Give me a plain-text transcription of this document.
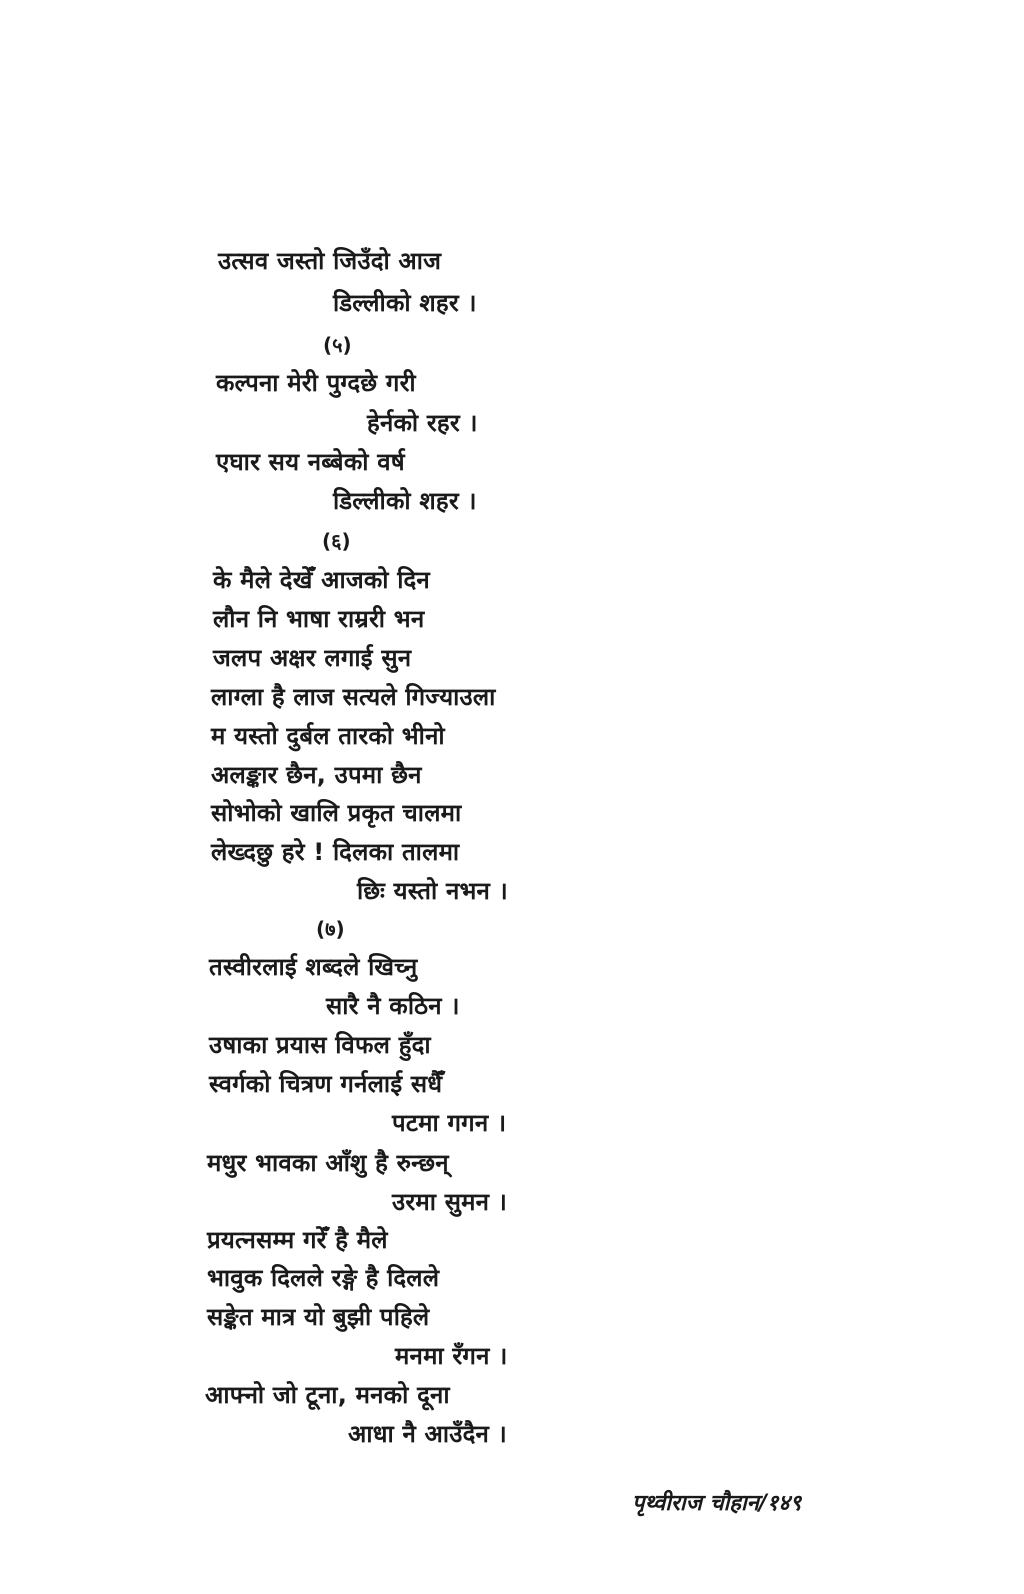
उत्सव जस्तो जिउँदो आज
डिल्लीको शहर ।
(५)
कल्पना मेरी पुग्दछे गरी
हेर्नको रहर ।
एघार सय नब्बेको वर्ष
डिल्लीको शहर ।
(६)
के मैले देखेँ आजको दिन
लौन नि भाषा राम्ररी भन
जलप अक्षर लगाई सुन
लाग्ला है लाज सत्यले गिज्याउला
म यस्तो दुर्बल तारको भीनो
अलङ्कार छैन, उपमा छैन
सोभोको खालि प्रकृत चालमा
लेख्दछु हरे ! दिलका तालमा
छिः यस्तो नभन ।
(७)
तस्वीरलाई शब्दले खिच्नु
सारै नै कठिन ।
उषाका प्रयास विफल हुँदा
स्वर्गको चित्रण गर्नलाई सधैँ
पटमा गगन ।
मधुर भावका आँशु है रुन्छन्
उरमा सुमन ।
प्रयत्नसम्म गरेँ है मैले
भावुक दिलले रङ्गे है दिलले
सङ्केत मात्र यो बुझी पहिले
मनमा रँगन ।
आफ्नो जो टूना, मनको दूना
आधा नै आउँदैन ।
पृथ्वीराज चौहान/१४९
